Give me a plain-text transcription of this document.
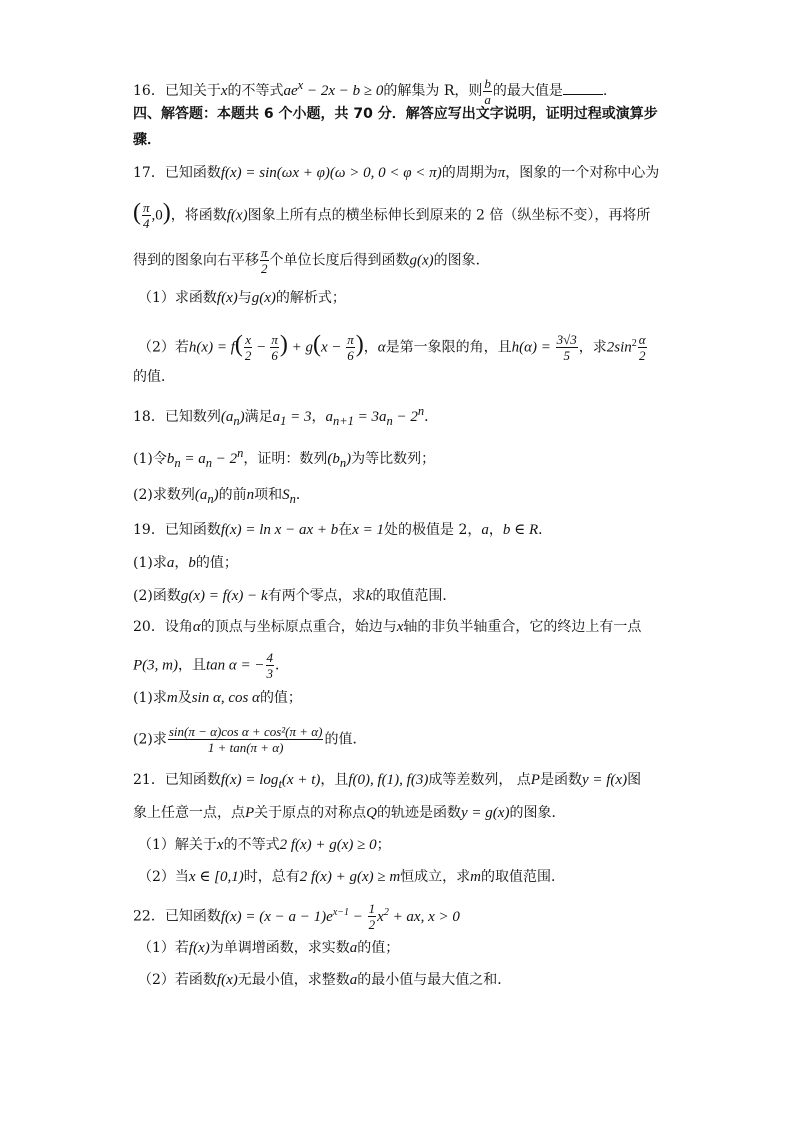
16．已知关于x的不等式$ae^x - 2x - b \ge 0$的解集为 R，则 $\frac{b}{a}$ 的最大值是	.
四、解答题：本题共 6 个小题，共 70 分．解答应写出文字说明，证明过程或演算步骤．
17．已知函数f(x) = sin(ωx + φ)(ω > 0, 0 < φ < π)的周期为π，图象的一个对称中心为
( $\frac{\pi}{4} ,0$)，将函数f(x)图象上所有点的横坐标伸长到原来的 2 倍（纵坐标不变），再将所
得到的图象向右平移 $\frac{\pi}{2}$ 个单位长度后得到函数g(x)的图象．
（1）求函数f(x)与g(x)的解析式；
（2）若$h(x) = f( \frac{x}{2} - \frac{\pi}{6}$ ) + $g(x - \frac{\pi}{6}$ )，α是第一象限的角，且$h(\alpha) = \frac{3√3}{5}$ ，求$2\sin^2 \frac{\alpha}{2}$
的值．
18．已知数列$(a_n)$满足$a_1 = 3$，$a_{n+1} = 3a_n - 2^n$．
(1)令$b_n = a_n - 2^n$，证明：数列$(b_n)$为等比数列；
(2)求数列$(a_n)$的前n项和$S_n$．
19．已知函数f(x) = ln x − ax + b在x = 1处的极值是 2，a，b ∈ R．
(1)求a，b的值；
(2)函数g(x) = f(x) − k有两个零点，求k的取值范围．
20．设角α的顶点与坐标原点重合，始边与x轴的非负半轴重合，它的终边上有一点
P(3, m)，且tan α = − $\frac{4}{3}$ ．
(1)求m及sin α, cos α的值；
(2)求 $\frac{\text{sin(π − α)cos α + cos²(π + α)}}{1 + \tan(\pi + \alpha)}$ 的值．
21．已知函数$f(x) = \log_t(x + t)$，且f(0), f(1), f(3)成等差数列， 点P是函数y = f(x)图
象上任意一点，点P关于原点的对称点Q的轨迹是函数y = g(x)的图象．
（1）解关于x的不等式2 f(x) + g(x) ≥ 0；
（2）当x ∈ [0,1)时，总有2 f(x) + g(x) ≥ m恒成立，求m的取值范围．
22．已知函数$f(x) = (x - a - 1)e^{x-1} - \frac{1}{2} x^2$ + ax, x > 0
（1）若f(x)为单调增函数，求实数a的值；
（2）若函数f(x)无最小值，求整数a的最小值与最大值之和．
